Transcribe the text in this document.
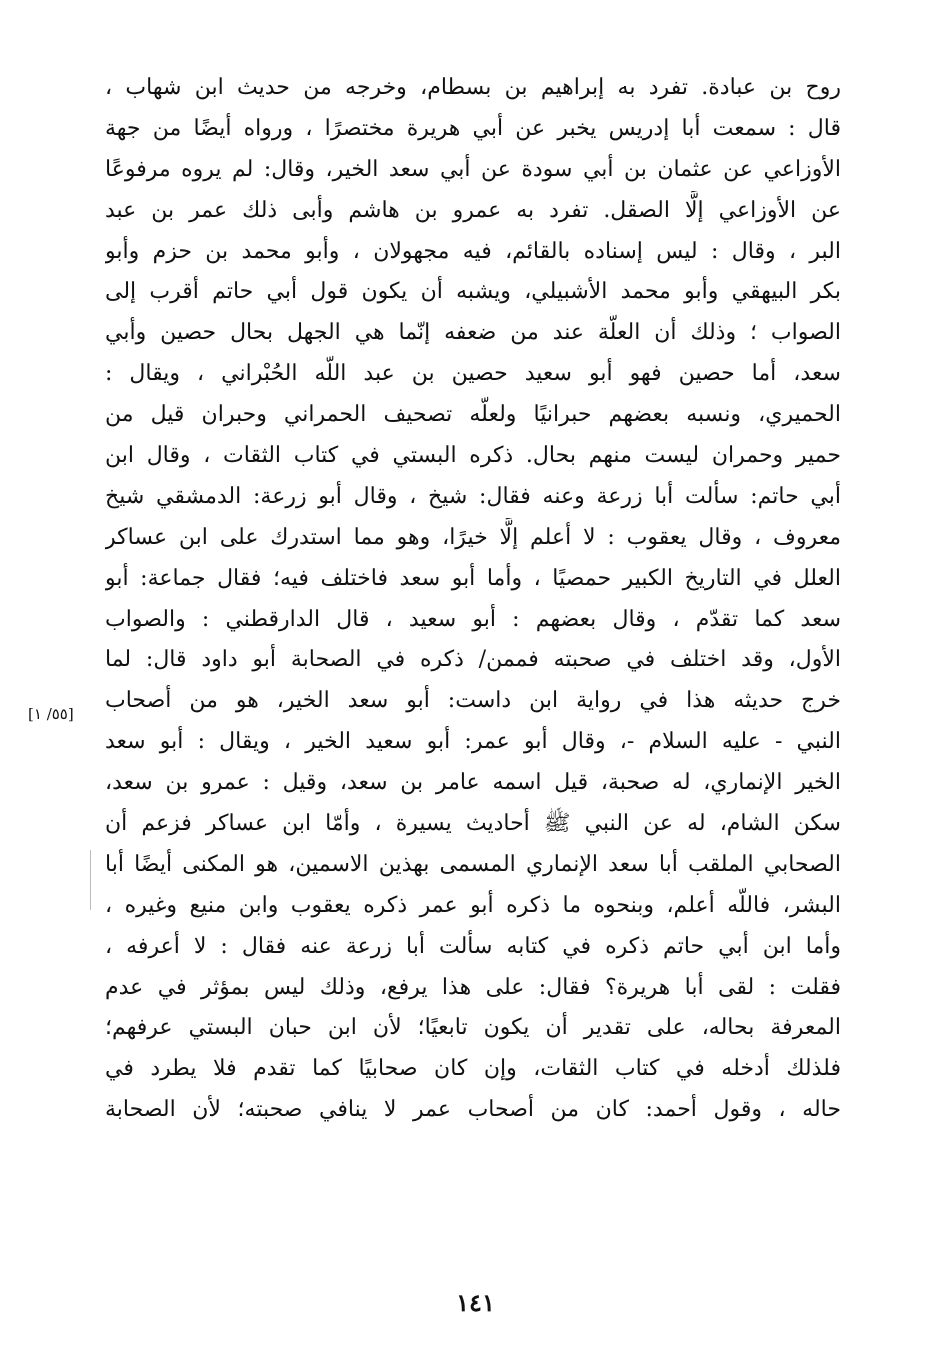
[٥٥/ ١]
روح بن عبادة. تفرد به إبراهيم بن بسطام، وخرجه من حديث ابن شهاب ،
قال : سمعت أبا إدريس يخبر عن أبي هريرة مختصرًا ، ورواه أيضًا من جهة
الأوزاعي عن عثمان بن أبي سودة عن أبي سعد الخير، وقال: لم يروه مرفوعًا
عن الأوزاعي إلَّا الصقل. تفرد به عمرو بن هاشم وأبى ذلك عمر بن عبد
البر ، وقال : ليس إسناده بالقائم، فيه مجهولان ، وأبو محمد بن حزم وأبو
بكر البيهقي وأبو محمد الأشبيلي، ويشبه أن يكون قول أبي حاتم أقرب إلى
الصواب ؛ وذلك أن العلّة عند من ضعفه إنّما هي الجهل بحال حصين وأبي
سعد، أما حصين فهو أبو سعيد حصين بن عبد اللّه الحُبْراني ، ويقال :
الحميري، ونسبه بعضهم حبرانيًا ولعلّه تصحيف الحمراني وحبران قيل من
حمير وحمران ليست منهم بحال. ذكره البستي في كتاب الثقات ، وقال ابن
أبي حاتم: سألت أبا زرعة وعنه فقال: شيخ ، وقال أبو زرعة: الدمشقي شيخ
معروف ، وقال يعقوب : لا أعلم إلَّا خيرًا، وهو مما استدرك على ابن عساكر
العلل في التاريخ الكبير حمصيًا ، وأما أبو سعد فاختلف فيه؛ فقال جماعة: أبو
سعد كما تقدّم ، وقال بعضهم : أبو سعيد ، قال الدارقطني : والصواب
الأول، وقد اختلف في صحبته فممن/ ذكره في الصحابة أبو داود قال: لما
خرج حديثه هذا في رواية ابن داست: أبو سعد الخير، هو من أصحاب
النبي - عليه السلام -، وقال أبو عمر: أبو سعيد الخير ، ويقال : أبو سعد
الخير الإنماري، له صحبة، قيل اسمه عامر بن سعد، وقيل : عمرو بن سعد،
سكن الشام، له عن النبي ﷺ أحاديث يسيرة ، وأمّا ابن عساكر فزعم أن
الصحابي الملقب أبا سعد الإنماري المسمى بهذين الاسمين، هو المكنى أيضًا أبا
البشر، فاللّه أعلم، وبنحوه ما ذكره أبو عمر ذكره يعقوب وابن منيع وغيره ،
وأما ابن أبي حاتم ذكره في كتابه سألت أبا زرعة عنه فقال : لا أعرفه ،
فقلت : لقى أبا هريرة؟ فقال: على هذا يرفع، وذلك ليس بمؤثر في عدم
المعرفة بحاله، على تقدير أن يكون تابعيًا؛ لأن ابن حبان البستي عرفهم؛
فلذلك أدخله في كتاب الثقات، وإن كان صحابيًا كما تقدم فلا يطرد في
حاله ، وقول أحمد: كان من أصحاب عمر لا ينافي صحبته؛ لأن الصحابة
١٤١
